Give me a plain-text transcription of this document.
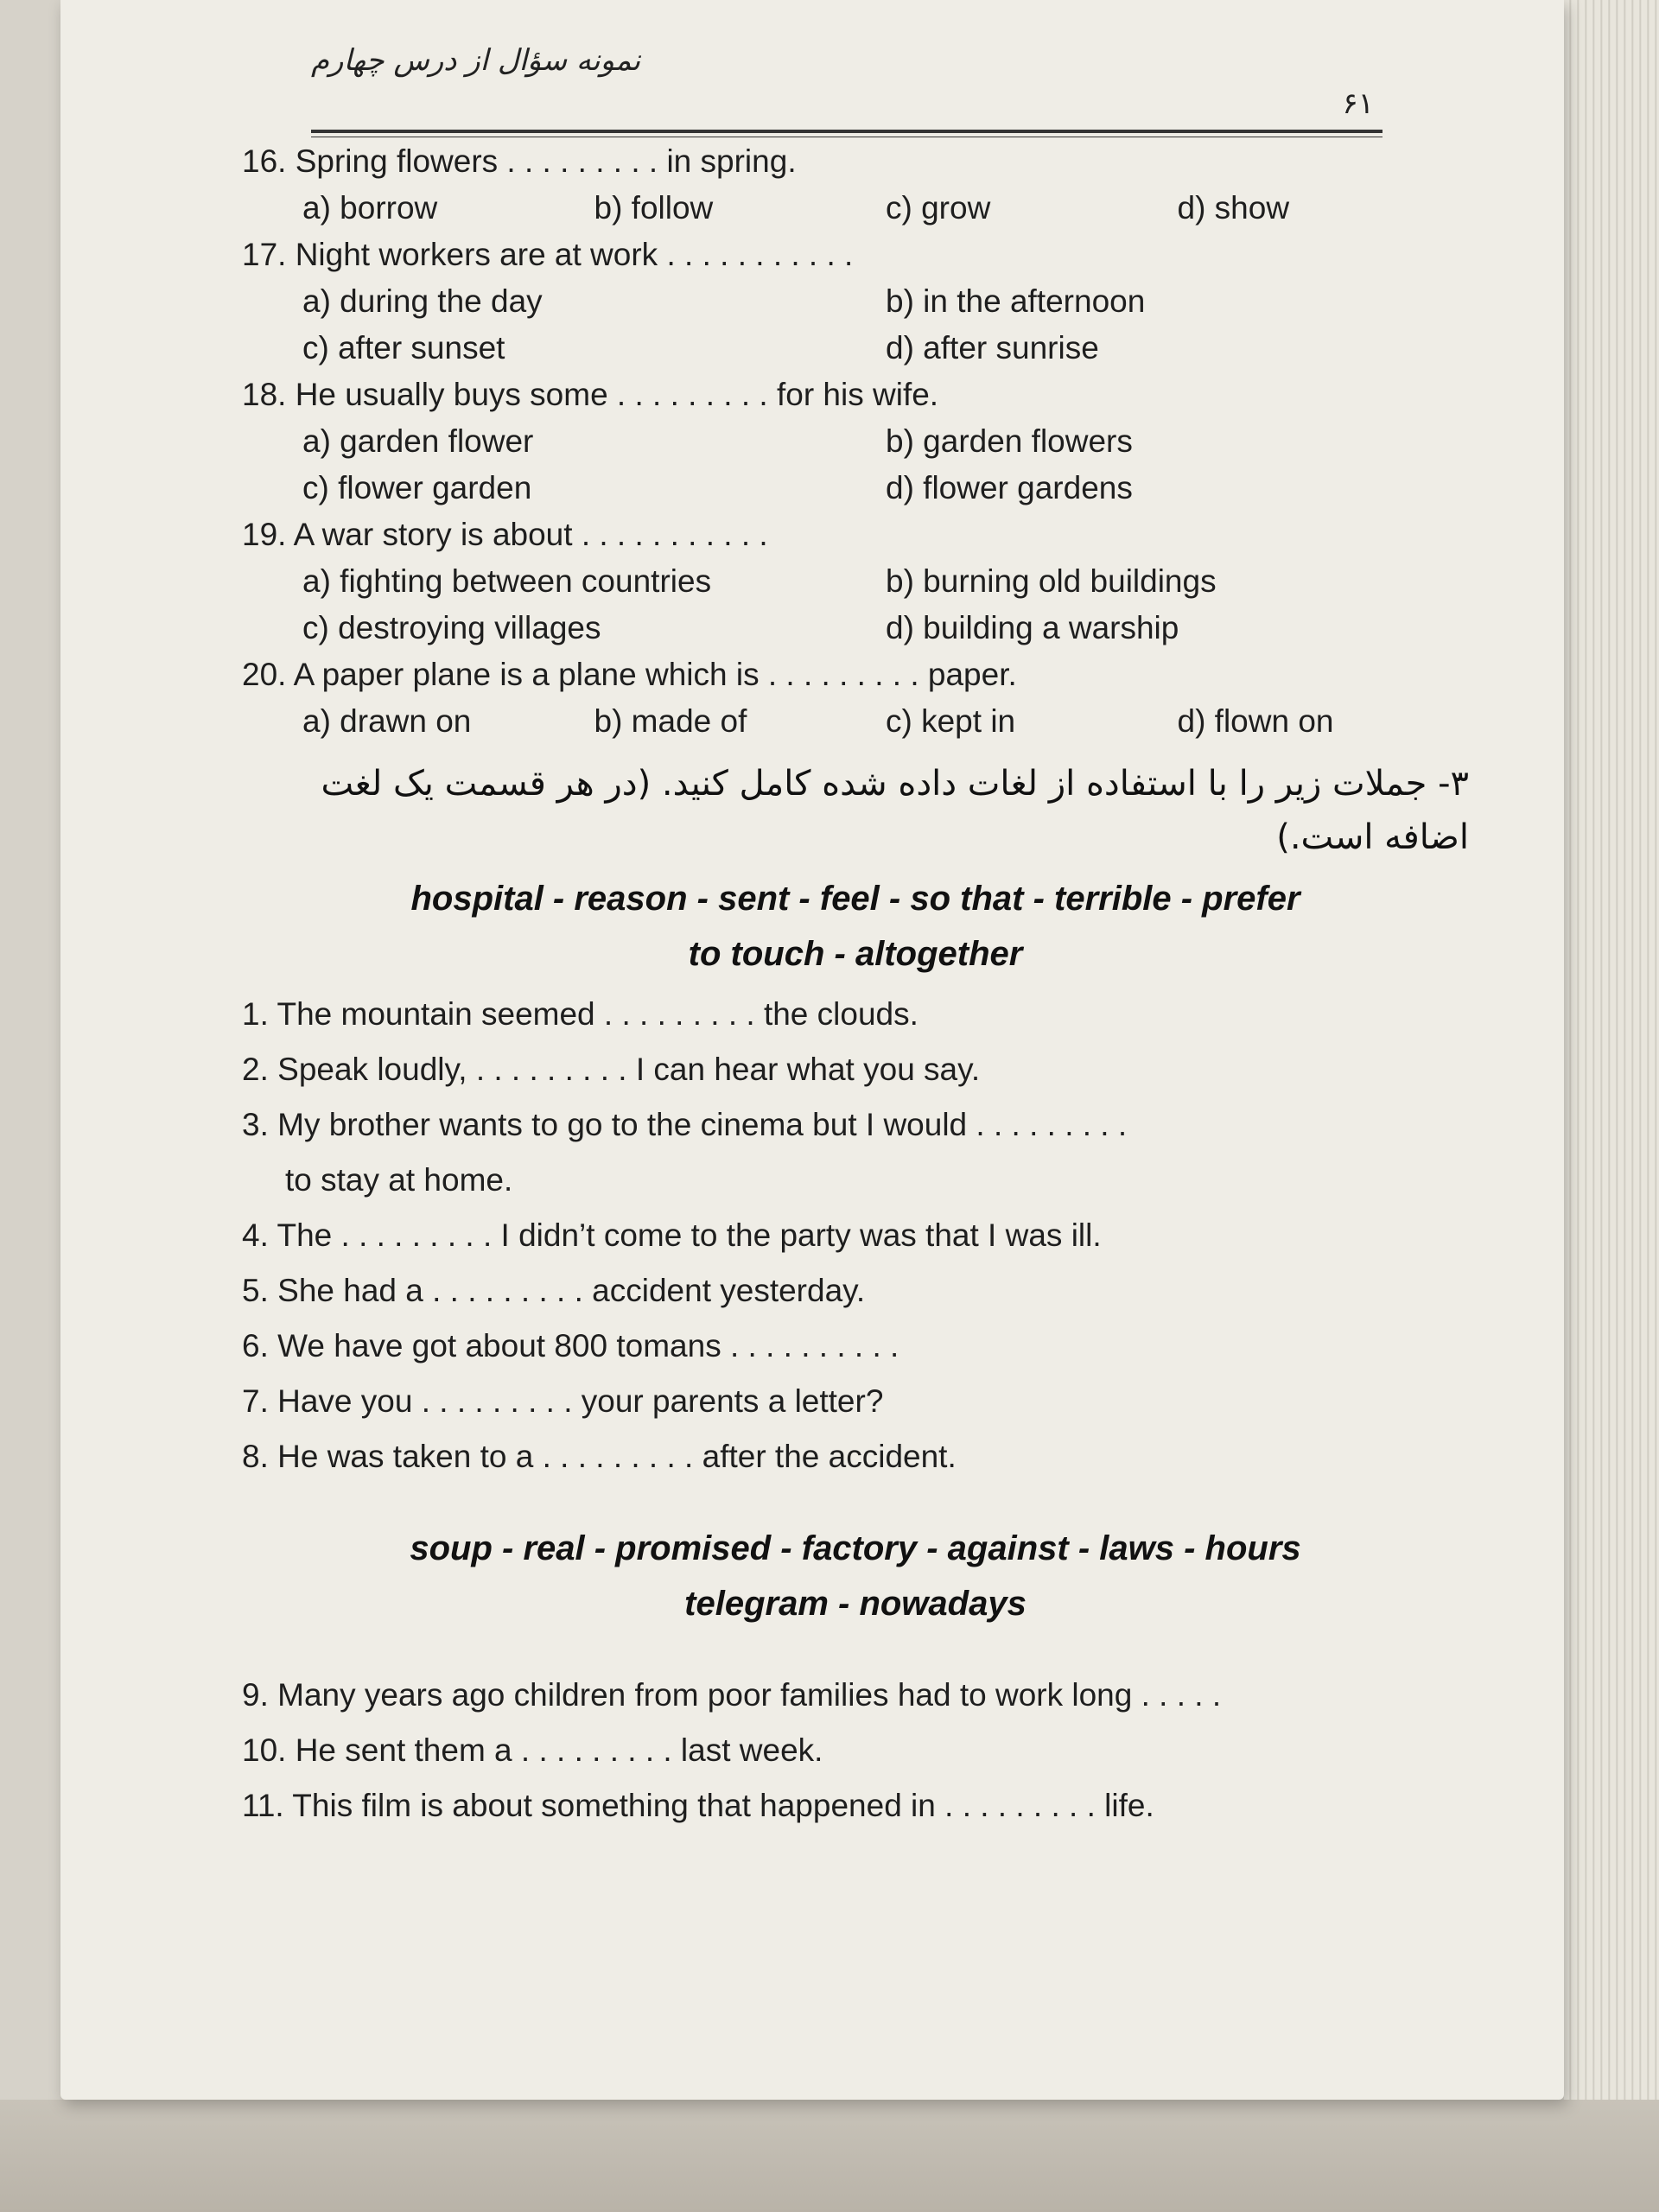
نمونه سؤال از درس چهارم
۶۱
16. Spring flowers . . . . . . . . . in spring.
a) borrow	b) follow	c) grow	d) show
17. Night workers are at work . . . . . . . . . . .
a) during the day	b) in the afternoon
c) after sunset	d) after sunrise
18. He usually buys some . . . . . . . . . for his wife.
a) garden flower	b) garden flowers
c) flower garden	d) flower gardens
19. A war story is about . . . . . . . . . . .
a) fighting between countries	b) burning old buildings
c) destroying villages	d) building a warship
20. A paper plane is a plane which is . . . . . . . . . paper.
a) drawn on	b) made of	c) kept in	d) flown on
۳- جملات زیر را با استفاده از لغات داده شده کامل کنید. (در هر قسمت یک لغت
اضافه است.)
hospital - reason - sent - feel - so that - terrible - prefer
to touch - altogether
1. The mountain seemed . . . . . . . . . the clouds.
2. Speak loudly, . . . . . . . . . I can hear what you say.
3. My brother wants to go to the cinema but I would . . . . . . . . .
to stay at home.
4. The . . . . . . . . . I didn’t come to the party was that I was ill.
5. She had a . . . . . . . . . accident yesterday.
6. We have got about 800 tomans . . . . . . . . . .
7. Have you . . . . . . . . . your parents a letter?
8. He was taken to a . . . . . . . . . after the accident.
soup - real - promised - factory - against - laws - hours
telegram - nowadays
9. Many years ago children from poor families had to work long . . . . .
10. He sent them a . . . . . . . . . last week.
11. This film is about something that happened in . . . . . . . . . life.
